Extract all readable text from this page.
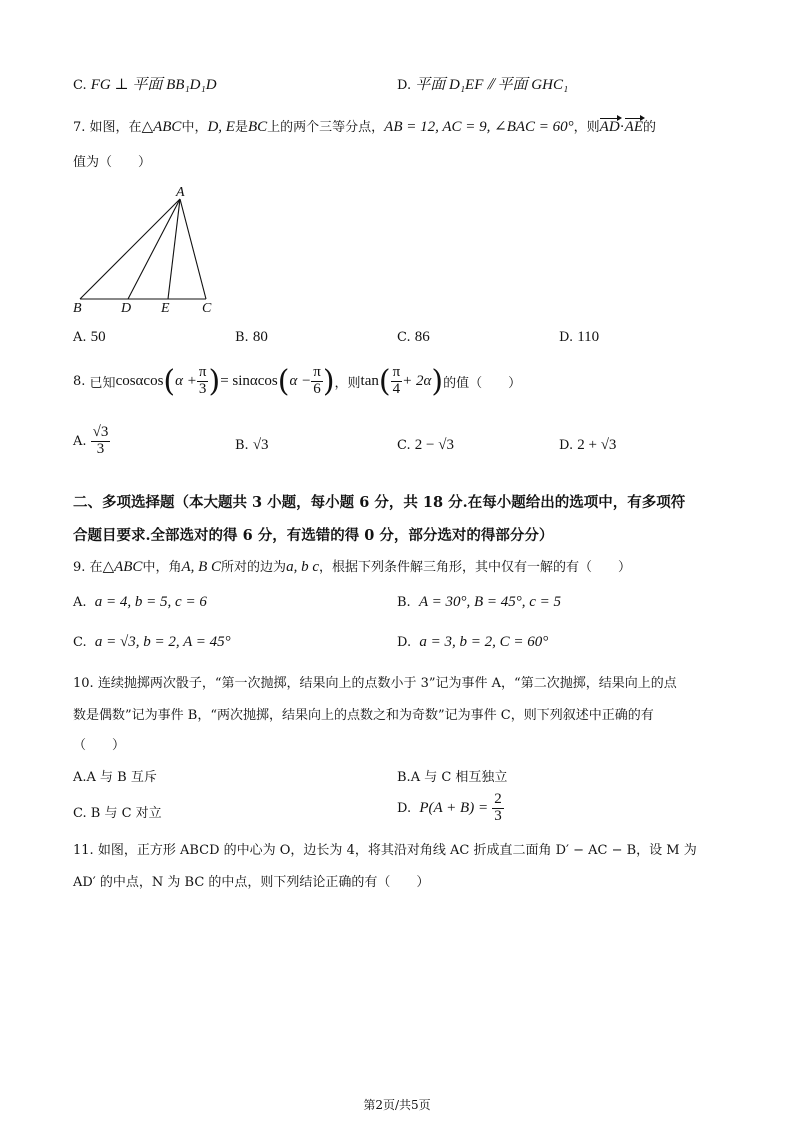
C. FG ⊥ 平面 BB₁D₁D	D. 平面 D₁EF ⫽ 平面 GHC₁
7. 如图，在△ABC中，D, E是BC上的两个三等分点，AB = 12, AC = 9, ∠BAC = 60°，则AD·AE的
值为（　　）
A
B	D E C
A. 50	B. 80	C. 86	D. 110
8.
已知 cosαcos ( $\alpha + \frac{\pi}{3}$ ) = sinαcos ( $\alpha - \frac{\pi}{6}$ ) ，则 tan ( $\frac{\pi}{4} + 2\alpha$ ) 的值（　　）
A.
$\frac{√3}{3}$	B. √3	C. 2 − √3	D. 2 + √3
二、多项选择题（本大题共 3 小题，每小题 6 分，共 18 分.在每小题给出的选项中，有多项符
合题目要求.全部选对的得 6 分，有选错的得 0 分，部分选对的得部分分）
9. 在△ABC中，角A, B C所对的边为a, b c，根据下列条件解三角形，其中仅有一解的有（　　）
A. a = 4, b = 5, c = 6	B. A = 30°, B = 45°, c = 5
C. a = √3, b = 2, A = 45°	D. a = 3, b = 2, C = 60°
10. 连续抛掷两次骰子，“第一次抛掷，结果向上的点数小于 3”记为事件 A，“第二次抛掷，结果向上的点
数是偶数”记为事件 B，“两次抛掷，结果向上的点数之和为奇数”记为事件 C，则下列叙述中正确的有
（　　）
A.A 与 B 互斥	B.A 与 C 相互独立
C. B 与 C 对立	D.
P(A + B) =
$\frac{2}{3}$
11. 如图，正方形 ABCD 的中心为 O，边长为 4，将其沿对角线 AC 折成直二面角 D′ − AC − B，设 M 为
AD′ 的中点，N 为 BC 的中点，则下列结论正确的有（　　）
第2页/共5页
